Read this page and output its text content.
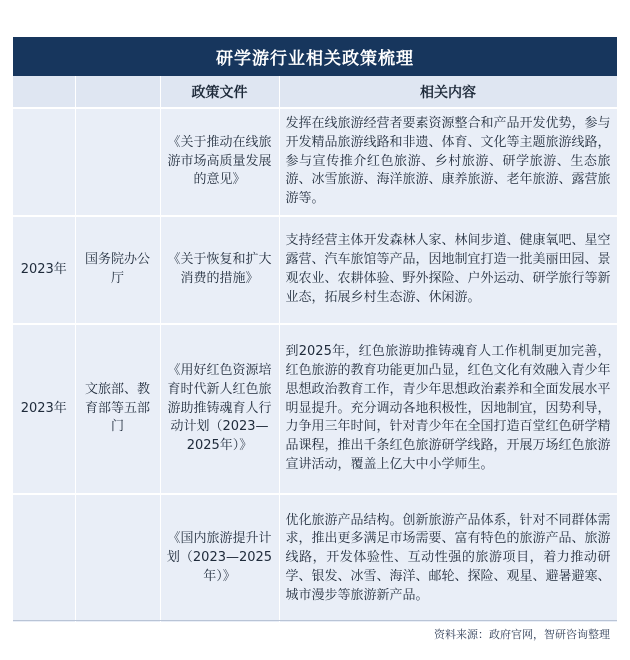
研学游行业相关政策梳理			
		政策文件	相关内容
		《关于推动在线旅游市场高质量发展的意见》	发挥在线旅游经营者要素资源整合和产品开发优势，参与开发精品旅游线路和非遗、体育、文化等主题旅游线路，参与宣传推介红色旅游、乡村旅游、研学旅游、生态旅游、冰雪旅游、海洋旅游、康养旅游、老年旅游、露营旅游等。
2023年	国务院办公厅	《关于恢复和扩大消费的措施》	支持经营主体开发森林人家、林间步道、健康氧吧、星空露营、汽车旅馆等产品，因地制宜打造一批美丽田园、景观农业、农耕体验、野外探险、户外运动、研学旅行等新业态，拓展乡村生态游、休闲游。
2023年	文旅部、教育部等五部门	《用好红色资源培育时代新人红色旅游助推铸魂育人行动计划（2023—2025年）》	到2025年，红色旅游助推铸魂育人工作机制更加完善，红色旅游的教育功能更加凸显，红色文化有效融入青少年思想政治教育工作，青少年思想政治素养和全面发展水平明显提升。充分调动各地积极性，因地制宜，因势利导，力争用三年时间，针对青少年在全国打造百堂红色研学精品课程，推出千条红色旅游研学线路，开展万场红色旅游宣讲活动，覆盖上亿大中小学师生。
		《国内旅游提升计划（2023—2025年）》	优化旅游产品结构。创新旅游产品体系，针对不同群体需求，推出更多满足市场需要、富有特色的旅游产品、旅游线路，开发体验性、互动性强的旅游项目，着力推动研学、银发、冰雪、海洋、邮轮、探险、观星、避暑避寒、城市漫步等旅游新产品。
资料来源：政府官网，智研咨询整理
